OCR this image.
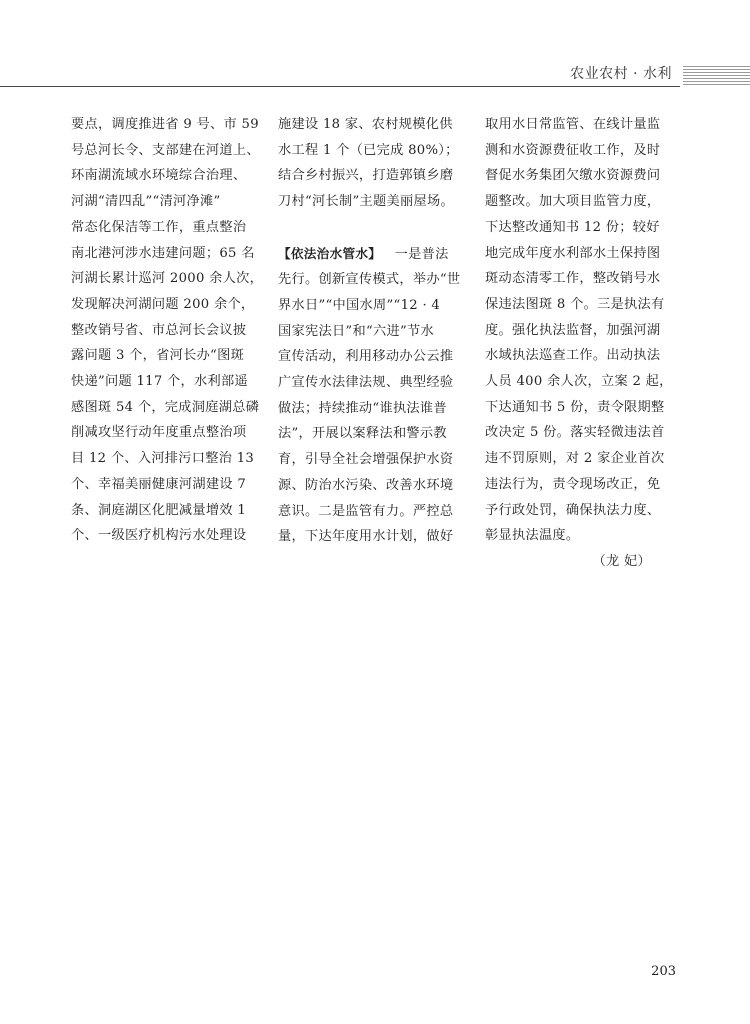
农业农村 · 水利
要点，调度推进省 9 号、市 59
号总河长令、支部建在河道上、
环南湖流域水环境综合治理、
河湖“清四乱”“清河净滩”
常态化保洁等工作，重点整治
南北港河涉水违建问题；65 名
河湖长累计巡河 2000 余人次，
发现解决河湖问题 200 余个，
整改销号省、市总河长会议披
露问题 3 个，省河长办“图斑
快递”问题 117 个，水利部遥
感图斑 54 个，完成洞庭湖总磷
削减攻坚行动年度重点整治项
目 12 个、入河排污口整治 13
个、幸福美丽健康河湖建设 7
条、洞庭湖区化肥减量增效 1
个、一级医疗机构污水处理设
施建设 18 家、农村规模化供
水工程 1 个（已完成 80%）；
结合乡村振兴，打造郭镇乡磨
刀村“河长制”主题美丽屋场。
【依法治水管水】 一是普法
先行。创新宣传模式，举办“世
界水日”“中国水周”“12 · 4
国家宪法日”和“六进”节水
宣传活动，利用移动办公云推
广宣传水法律法规、典型经验
做法；持续推动“谁执法谁普
法”，开展以案释法和警示教
育，引导全社会增强保护水资
源、防治水污染、改善水环境
意识。二是监管有力。严控总
量，下达年度用水计划，做好
取用水日常监管、在线计量监
测和水资源费征收工作，及时
督促水务集团欠缴水资源费问
题整改。加大项目监管力度，
下达整改通知书 12 份；较好
地完成年度水利部水土保持图
斑动态清零工作，整改销号水
保违法图斑 8 个。三是执法有
度。强化执法监督，加强河湖
水域执法巡查工作。出动执法
人员 400 余人次，立案 2 起，
下达通知书 5 份，责令限期整
改决定 5 份。落实轻微违法首
违不罚原则，对 2 家企业首次
违法行为，责令现场改正，免
予行政处罚，确保执法力度、
彰显执法温度。
（龙 妃）
203
